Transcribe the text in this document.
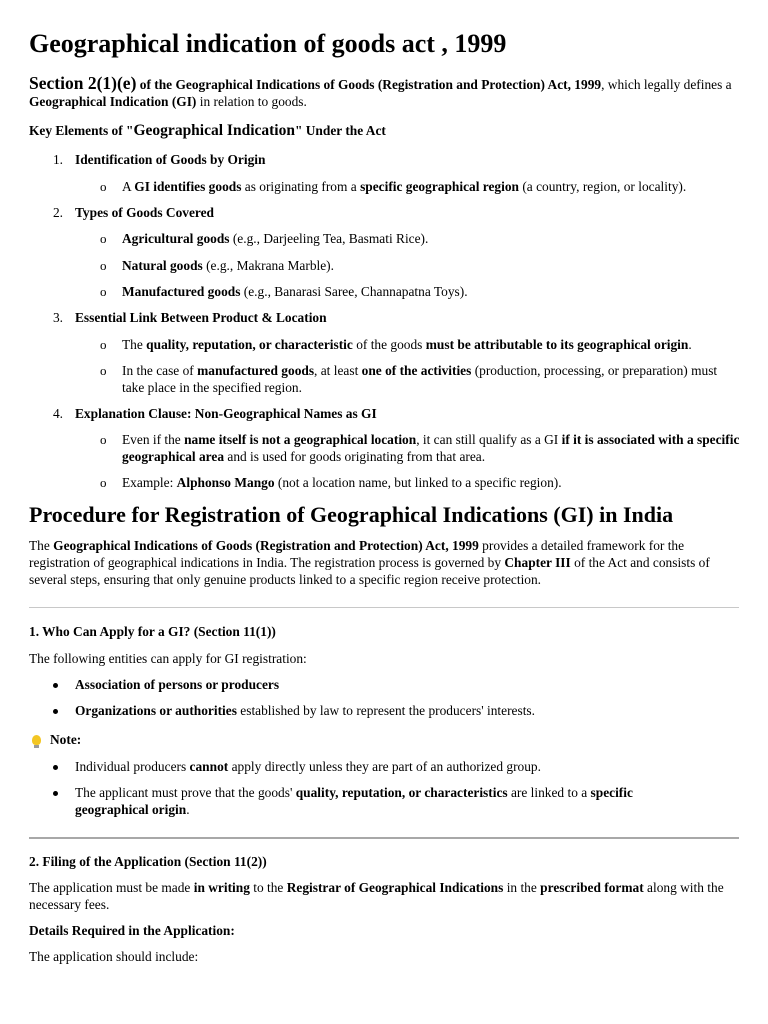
Geographical indication of goods act , 1999
Section 2(1)(e) of the Geographical Indications of Goods (Registration and Protection) Act, 1999, which legally defines a Geographical Indication (GI) in relation to goods.
Key Elements of "Geographical Indication" Under the Act
1. Identification of Goods by Origin
o A GI identifies goods as originating from a specific geographical region (a country, region, or locality).
2. Types of Goods Covered
o Agricultural goods (e.g., Darjeeling Tea, Basmati Rice).
o Natural goods (e.g., Makrana Marble).
o Manufactured goods (e.g., Banarasi Saree, Channapatna Toys).
3. Essential Link Between Product & Location
o The quality, reputation, or characteristic of the goods must be attributable to its geographical origin.
o In the case of manufactured goods, at least one of the activities (production, processing, or preparation) must take place in the specified region.
4. Explanation Clause: Non-Geographical Names as GI
o Even if the name itself is not a geographical location, it can still qualify as a GI if it is associated with a specific geographical area and is used for goods originating from that area.
o Example: Alphonso Mango (not a location name, but linked to a specific region).
Procedure for Registration of Geographical Indications (GI) in India
The Geographical Indications of Goods (Registration and Protection) Act, 1999 provides a detailed framework for the registration of geographical indications in India. The registration process is governed by Chapter III of the Act and consists of several steps, ensuring that only genuine products linked to a specific region receive protection.
1. Who Can Apply for a GI? (Section 11(1))
The following entities can apply for GI registration:
Association of persons or producers
Organizations or authorities established by law to represent the producers' interests.
Note:
Individual producers cannot apply directly unless they are part of an authorized group.
The applicant must prove that the goods' quality, reputation, or characteristics are linked to a specific geographical origin.
2. Filing of the Application (Section 11(2))
The application must be made in writing to the Registrar of Geographical Indications in the prescribed format along with the necessary fees.
Details Required in the Application:
The application should include:
